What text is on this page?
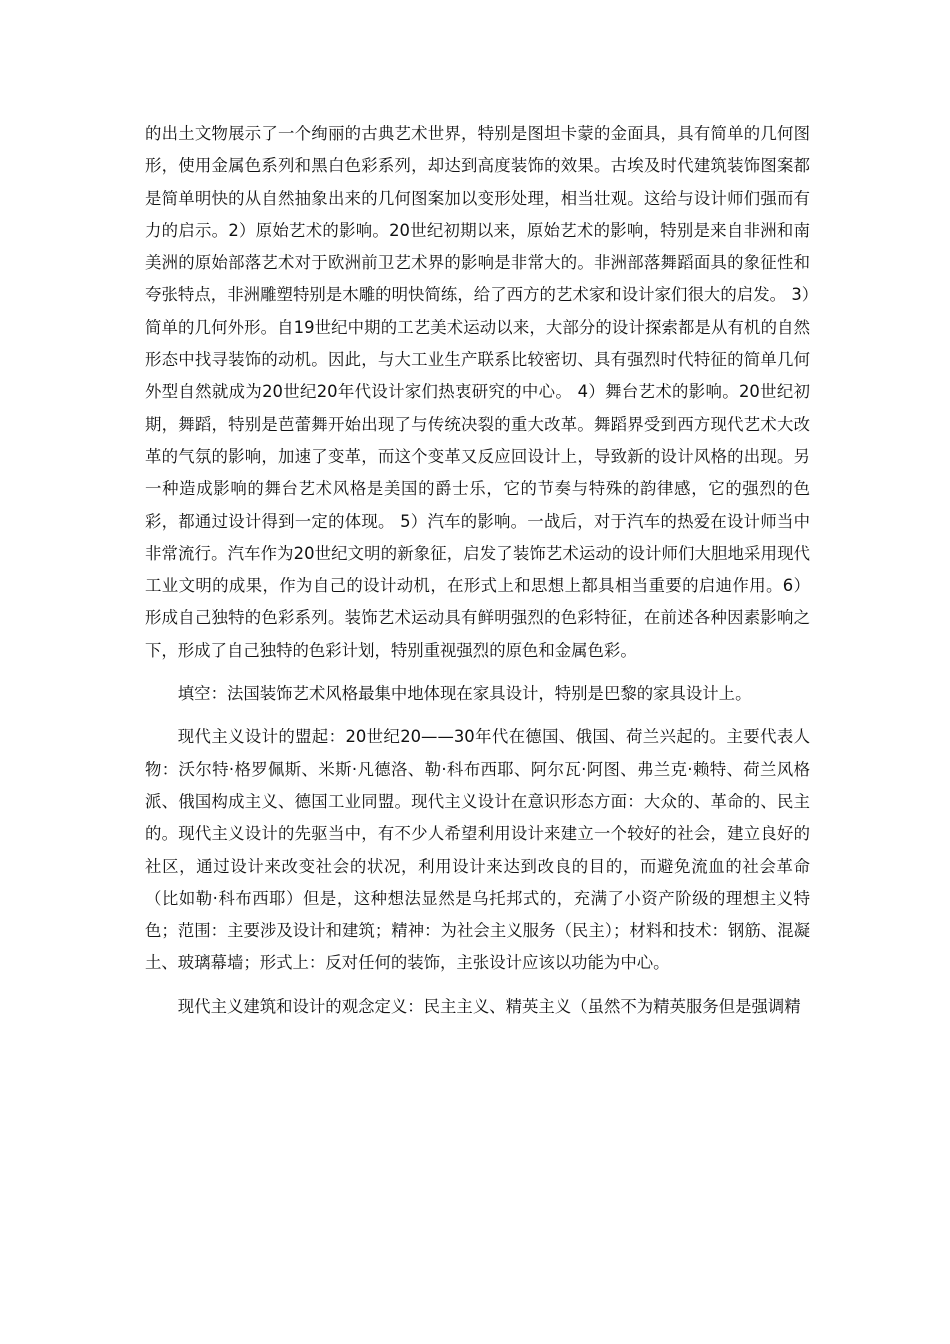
的出土文物展示了一个绚丽的古典艺术世界，特别是图坦卡蒙的金面具，具有简单的几何图形，使用金属色系列和黑白色彩系列，却达到高度装饰的效果。古埃及时代建筑装饰图案都是简单明快的从自然抽象出来的几何图案加以变形处理，相当壮观。这给与设计师们强而有力的启示。2）原始艺术的影响。20世纪初期以来，原始艺术的影响，特别是来自非洲和南美洲的原始部落艺术对于欧洲前卫艺术界的影响是非常大的。非洲部落舞蹈面具的象征性和夸张特点，非洲雕塑特别是木雕的明快简练，给了西方的艺术家和设计家们很大的启发。 3）简单的几何外形。自19世纪中期的工艺美术运动以来，大部分的设计探索都是从有机的自然形态中找寻装饰的动机。因此，与大工业生产联系比较密切、具有强烈时代特征的简单几何外型自然就成为20世纪20年代设计家们热衷研究的中心。 4）舞台艺术的影响。20世纪初期，舞蹈，特别是芭蕾舞开始出现了与传统决裂的重大改革。舞蹈界受到西方现代艺术大改革的气氛的影响，加速了变革，而这个变革又反应回设计上，导致新的设计风格的出现。另一种造成影响的舞台艺术风格是美国的爵士乐，它的节奏与特殊的韵律感，它的强烈的色彩，都通过设计得到一定的体现。 5）汽车的影响。一战后，对于汽车的热爱在设计师当中非常流行。汽车作为20世纪文明的新象征，启发了装饰艺术运动的设计师们大胆地采用现代工业文明的成果，作为自己的设计动机，在形式上和思想上都具相当重要的启迪作用。6）形成自己独特的色彩系列。装饰艺术运动具有鲜明强烈的色彩特征，在前述各种因素影响之下，形成了自己独特的色彩计划，特别重视强烈的原色和金属色彩。

填空：法国装饰艺术风格最集中地体现在家具设计，特别是巴黎的家具设计上。

现代主义设计的盟起：20世纪20——30年代在德国、俄国、荷兰兴起的。主要代表人物：沃尔特·格罗佩斯、米斯·凡德洛、勒·科布西耶、阿尔瓦·阿图、弗兰克·赖特、荷兰风格派、俄国构成主义、德国工业同盟。现代主义设计在意识形态方面：大众的、革命的、民主的。现代主义设计的先驱当中，有不少人希望利用设计来建立一个较好的社会，建立良好的社区，通过设计来改变社会的状况，利用设计来达到改良的目的，而避免流血的社会革命（比如勒·科布西耶）但是，这种想法显然是乌托邦式的，充满了小资产阶级的理想主义特色；范围：主要涉及设计和建筑；精神：为社会主义服务（民主）；材料和技术：钢筋、混凝土、玻璃幕墙；形式上：反对任何的装饰，主张设计应该以功能为中心。

现代主义建筑和设计的观念定义：民主主义、精英主义（虽然不为精英服务但是强调精
